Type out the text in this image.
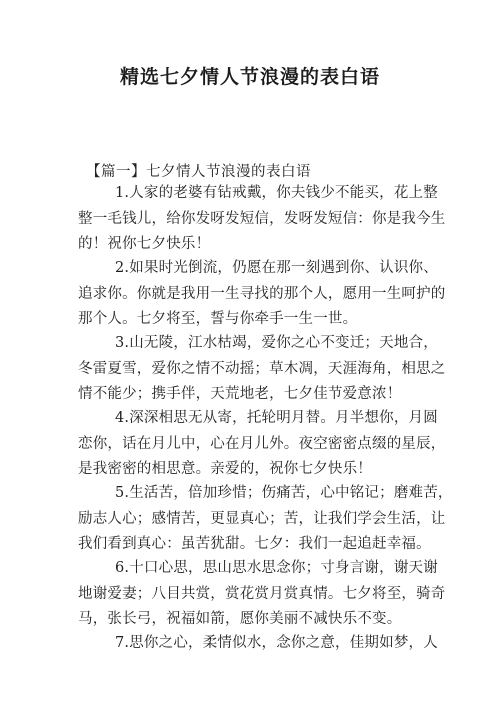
精选七夕情人节浪漫的表白语
【篇一】七夕情人节浪漫的表白语
1.人家的老婆有钻戒戴，你夫钱少不能买，花上整
整一毛钱儿，给你发呀发短信，发呀发短信：你是我今生
的！祝你七夕快乐！
2.如果时光倒流，仍愿在那一刻遇到你、认识你、
追求你。你就是我用一生寻找的那个人，愿用一生呵护的
那个人。七夕将至，誓与你牵手一生一世。
3.山无陵，江水枯竭，爱你之心不变迁；天地合，
冬雷夏雪，爱你之情不动摇；草木凋，天涯海角，相思之
情不能少；携手伴，天荒地老，七夕佳节爱意浓！
4.深深相思无从寄，托轮明月替。月半想你，月圆
恋你，话在月儿中，心在月儿外。夜空密密点缀的星辰，
是我密密的相思意。亲爱的，祝你七夕快乐！
5.生活苦，倍加珍惜；伤痛苦，心中铭记；磨难苦，
励志人心；感情苦，更显真心；苦，让我们学会生活，让
我们看到真心：虽苦犹甜。七夕：我们一起追赶幸福。
6.十口心思，思山思水思念你；寸身言谢，谢天谢
地谢爱妻；八目共赏，赏花赏月赏真情。七夕将至，骑奇
马，张长弓，祝福如箭，愿你美丽不减快乐不变。
7.思你之心，柔情似水，念你之意，佳期如梦，人
